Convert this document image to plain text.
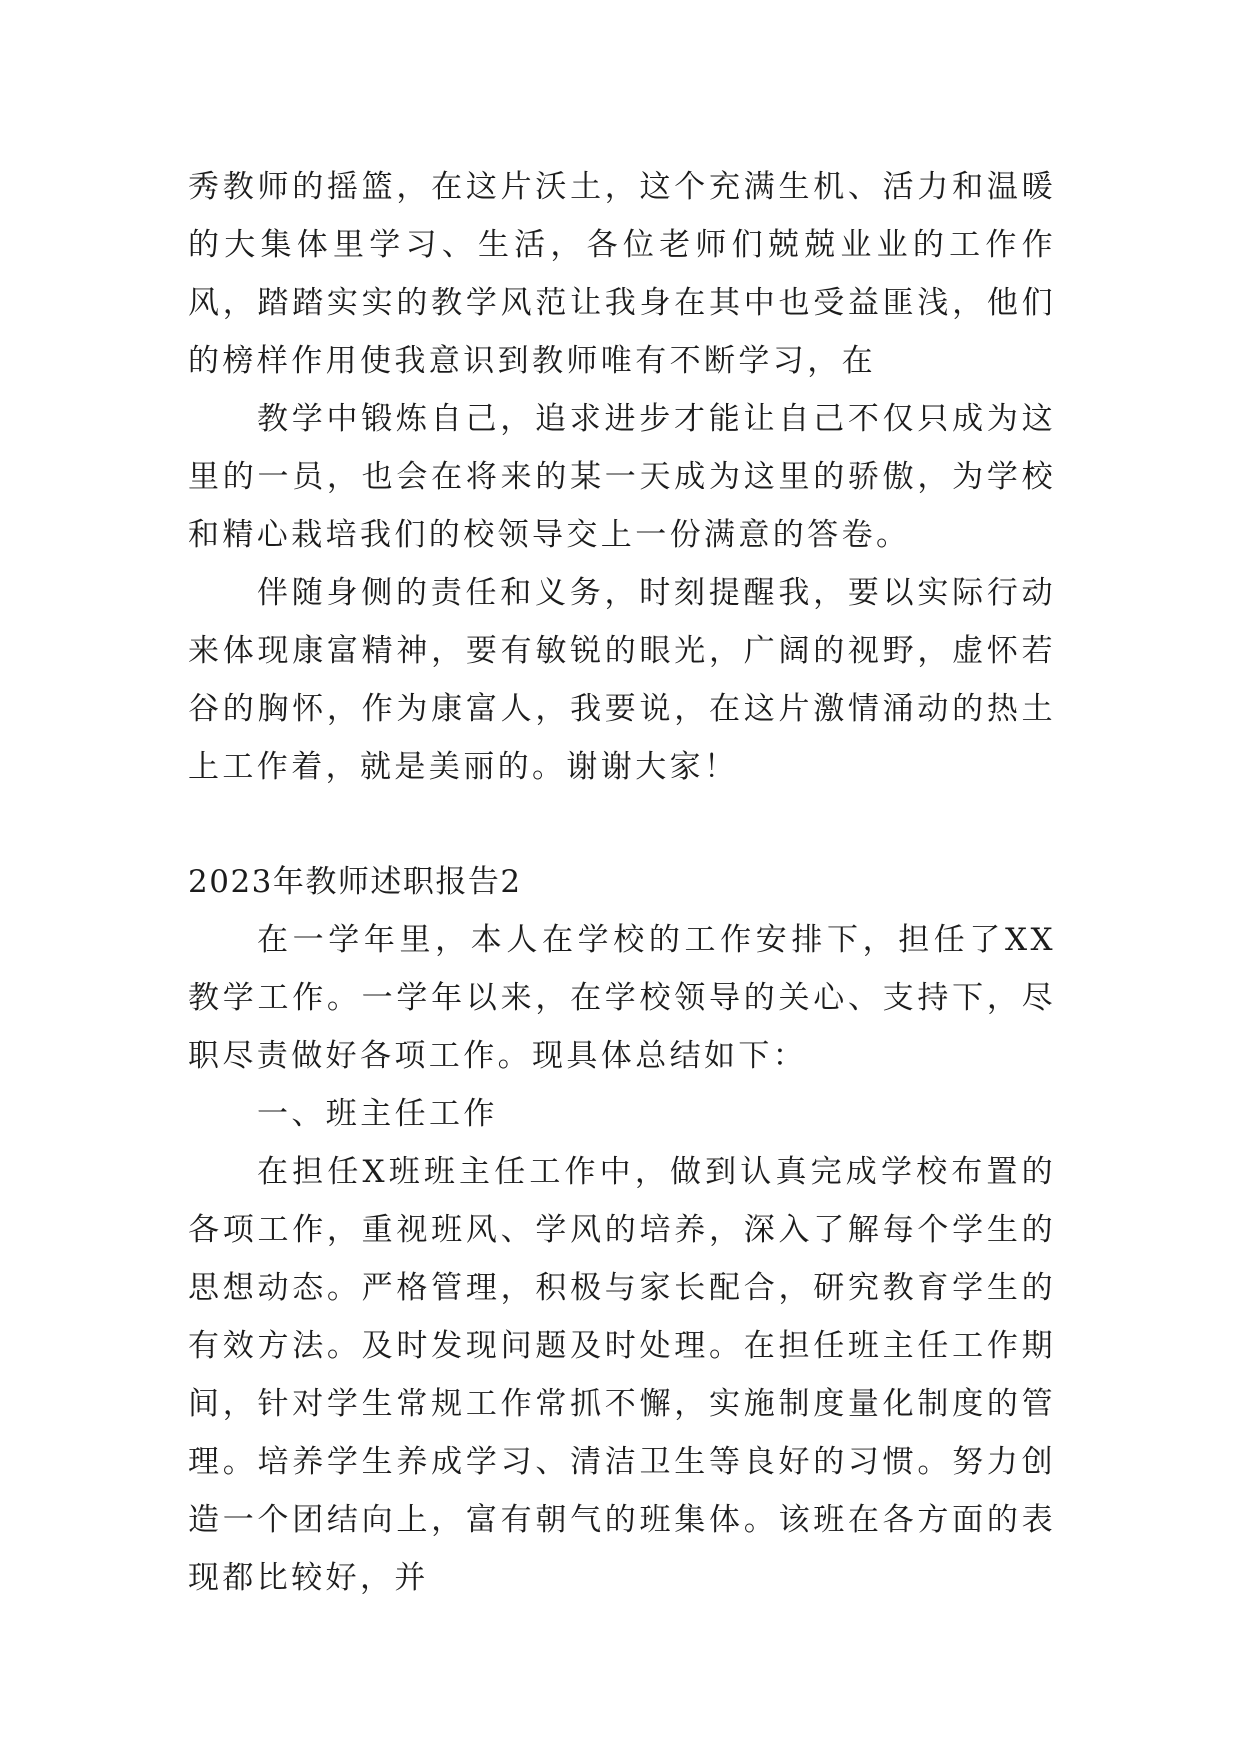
秀教师的摇篮，在这片沃土，这个充满生机、活力和温暖的大集体里学习、生活，各位老师们兢兢业业的工作作风，踏踏实实的教学风范让我身在其中也受益匪浅，他们的榜样作用使我意识到教师唯有不断学习，在

教学中锻炼自己，追求进步才能让自己不仅只成为这里的一员，也会在将来的某一天成为这里的骄傲，为学校和精心栽培我们的校领导交上一份满意的答卷。

伴随身侧的责任和义务，时刻提醒我，要以实际行动来体现康富精神，要有敏锐的眼光，广阔的视野，虚怀若谷的胸怀，作为康富人，我要说，在这片激情涌动的热土上工作着，就是美丽的。谢谢大家！

2023年教师述职报告2

在一学年里，本人在学校的工作安排下，担任了XX教学工作。一学年以来，在学校领导的关心、支持下，尽职尽责做好各项工作。现具体总结如下：

一、班主任工作

在担任X班班主任工作中，做到认真完成学校布置的各项工作，重视班风、学风的培养，深入了解每个学生的思想动态。严格管理，积极与家长配合，研究教育学生的有效方法。及时发现问题及时处理。在担任班主任工作期间，针对学生常规工作常抓不懈，实施制度量化制度的管理。培养学生养成学习、清洁卫生等良好的习惯。努力创造一个团结向上，富有朝气的班集体。该班在各方面的表现都比较好，并
